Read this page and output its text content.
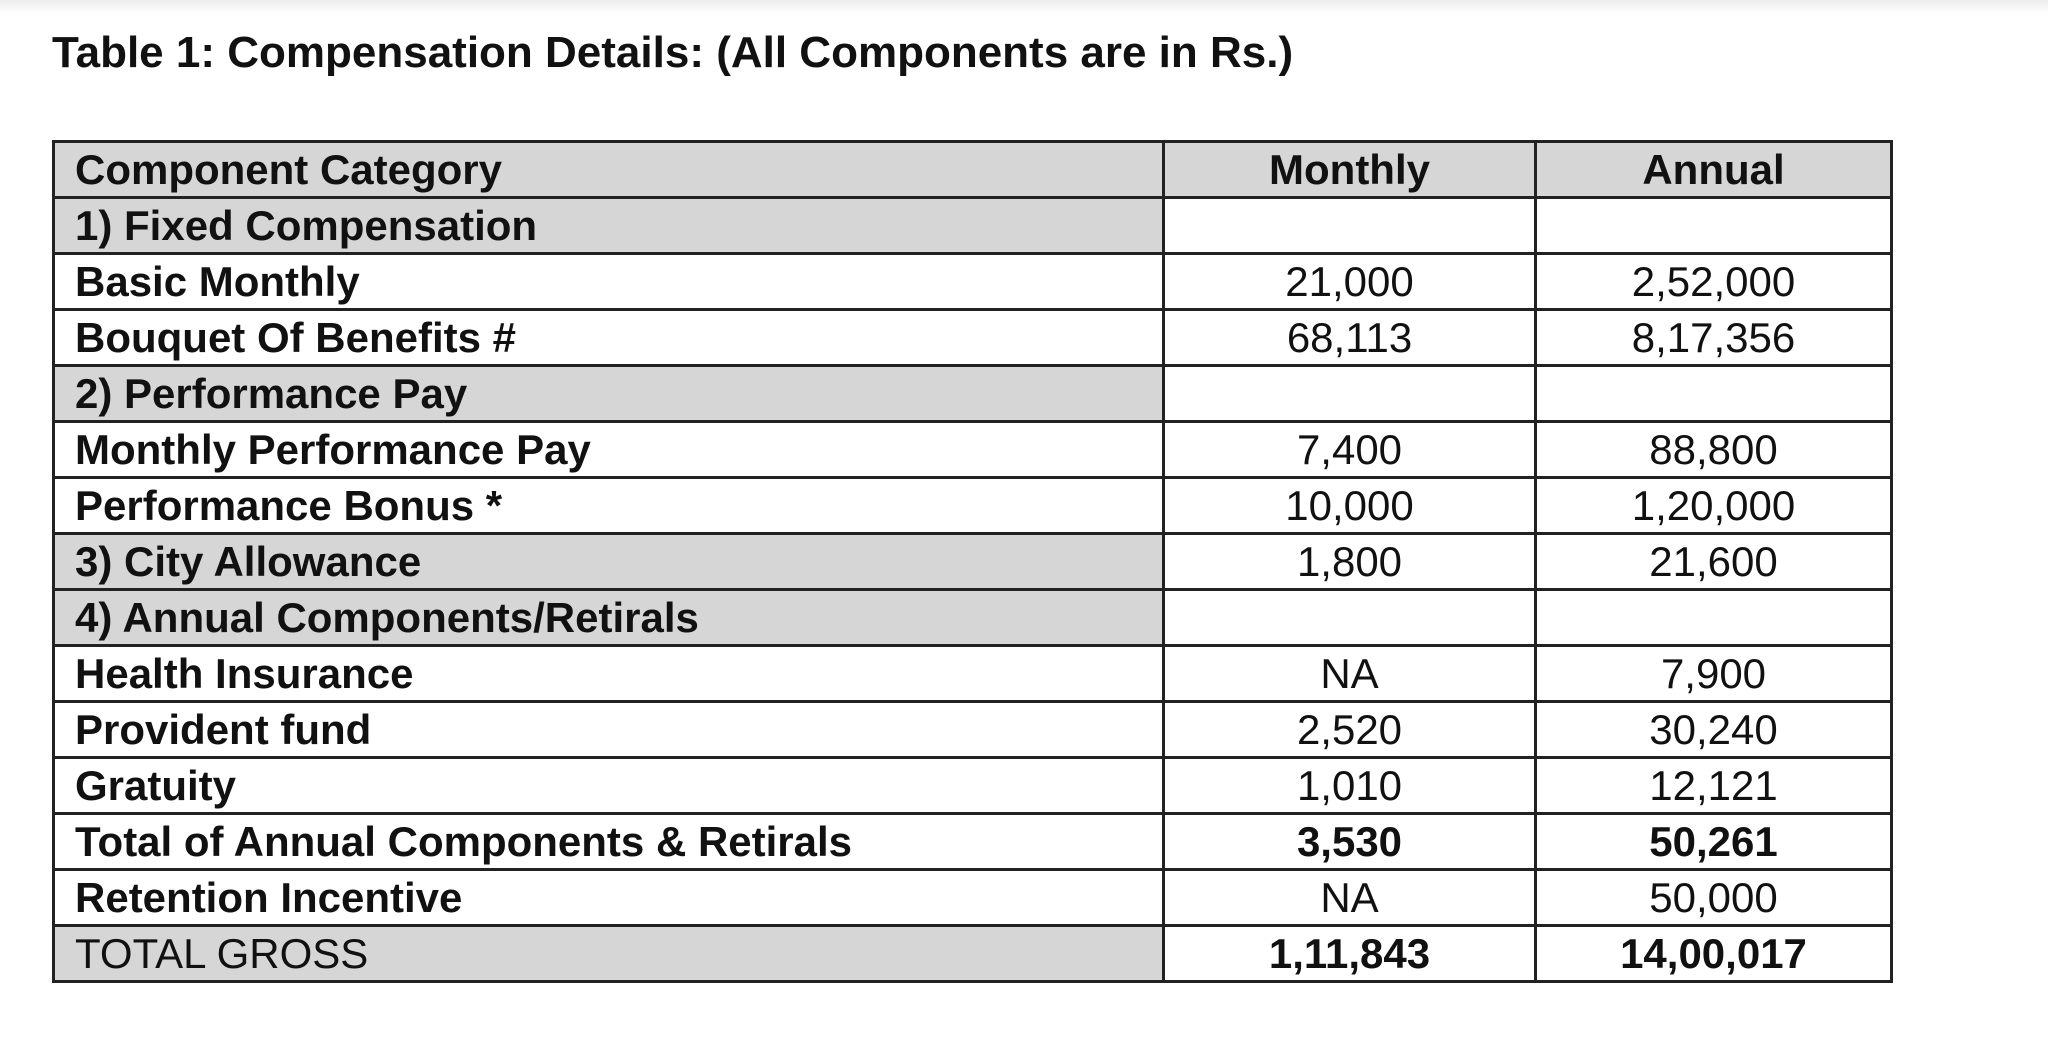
Table 1: Compensation Details: (All Components are in Rs.)
Component Category	Monthly	Annual
1) Fixed Compensation		
Basic Monthly	21,000	2,52,000
Bouquet Of Benefits #	68,113	8,17,356
2) Performance Pay		
Monthly Performance Pay	7,400	88,800
Performance Bonus *	10,000	1,20,000
3) City Allowance	1,800	21,600
4) Annual Components/Retirals		
Health Insurance	NA	7,900
Provident fund	2,520	30,240
Gratuity	1,010	12,121
Total of Annual Components & Retirals	3,530	50,261
Retention Incentive	NA	50,000
TOTAL GROSS	1,11,843	14,00,017
